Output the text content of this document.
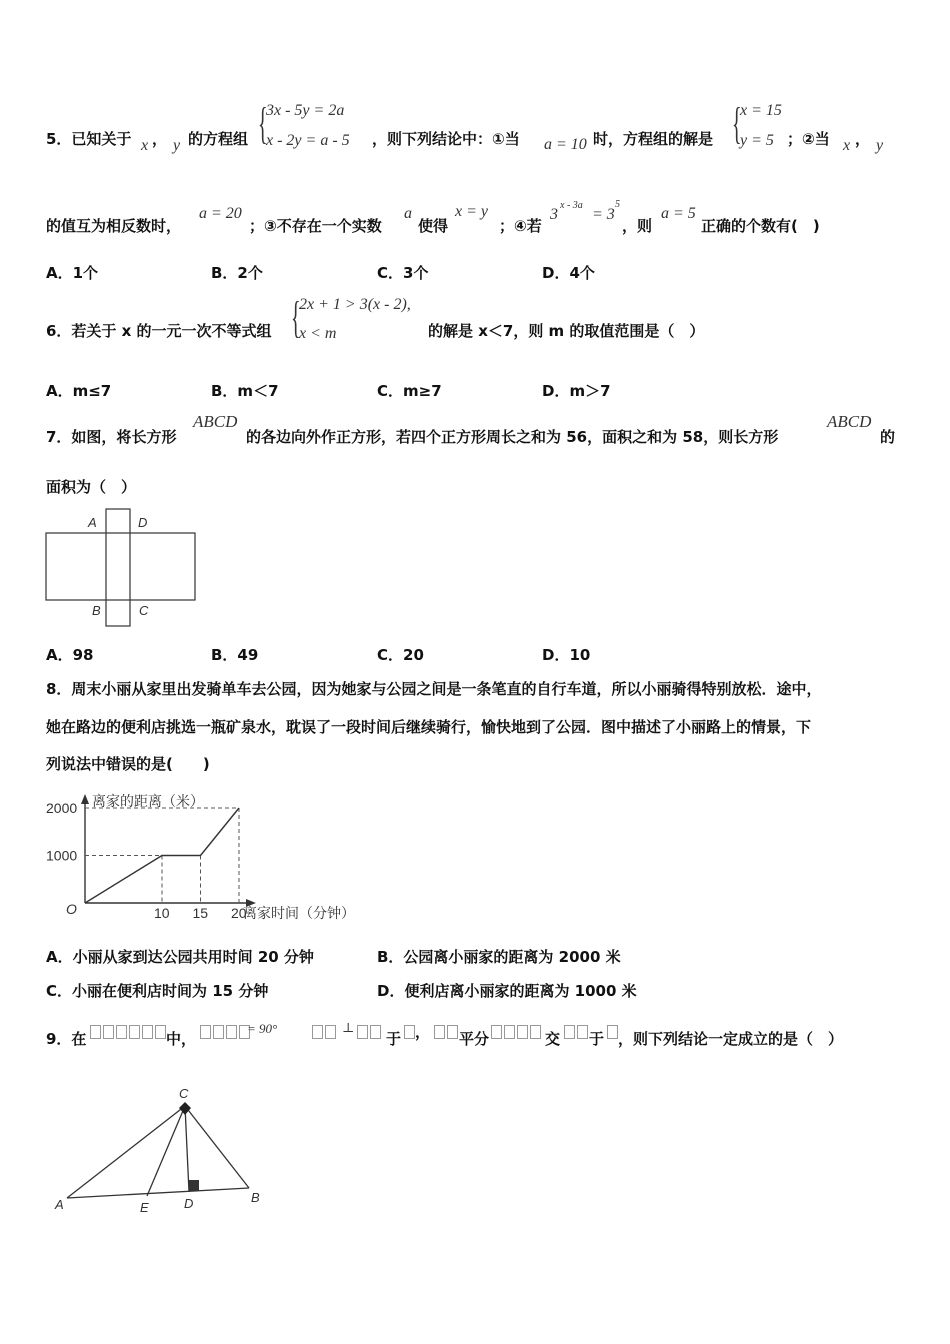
5．已知关于 x ， y 的方程组 {
3x - 5y = 2a
x - 2y = a - 5 ，则下列结论中：①当 a = 10 时，方程组的解是 {
x = 15
y = 5 ；②当 x ， y
的值互为相反数时，
a = 20
；③不存在一个实数
a
使得
x = y
；④若
3
x - 3a
= 3
5
，则
a = 5
正确的个数有(　)
A．1个	B．2个	C．3个	D．4个
6．若关于 x 的一元一次不等式组 {
2x + 1 > 3(x - 2),
x < m	的解是 x＜7，则 m 的取值范围是（　）
A．m≤7	B．m＜7	C．m≥7	D．m＞7
7．如图，将长方形
ABCD
的各边向外作正方形，若四个正方形周长之和为 56，面积之和为 58，则长方形
ABCD
的
面积为（　）
A	D
B	C
A．98	B．49	C．20	D．10
8．周末小丽从家里出发骑单车去公园，因为她家与公园之间是一条笔直的自行车道，所以小丽骑得特别放松．途中，
她在路边的便利店挑选一瓶矿泉水，耽误了一段时间后继续骑行，愉快地到了公园．图中描述了小丽路上的情景，下
列说法中错误的是(　　)
离家的距离（米）
离家时间（分钟）
O
2000
1000
10 15 20
A．小丽从家到达公园共用时间 20 分钟	B．公园离小丽家的距离为 2000 米
C．小丽在便利店时间为 15 分钟	D．便利店离小丽家的距离为 1000 米
9．在	中，
= 90°	⊥
于 ， 平分	交 于 ，则下列结论一定成立的是（　）
C
A	E	D	B
